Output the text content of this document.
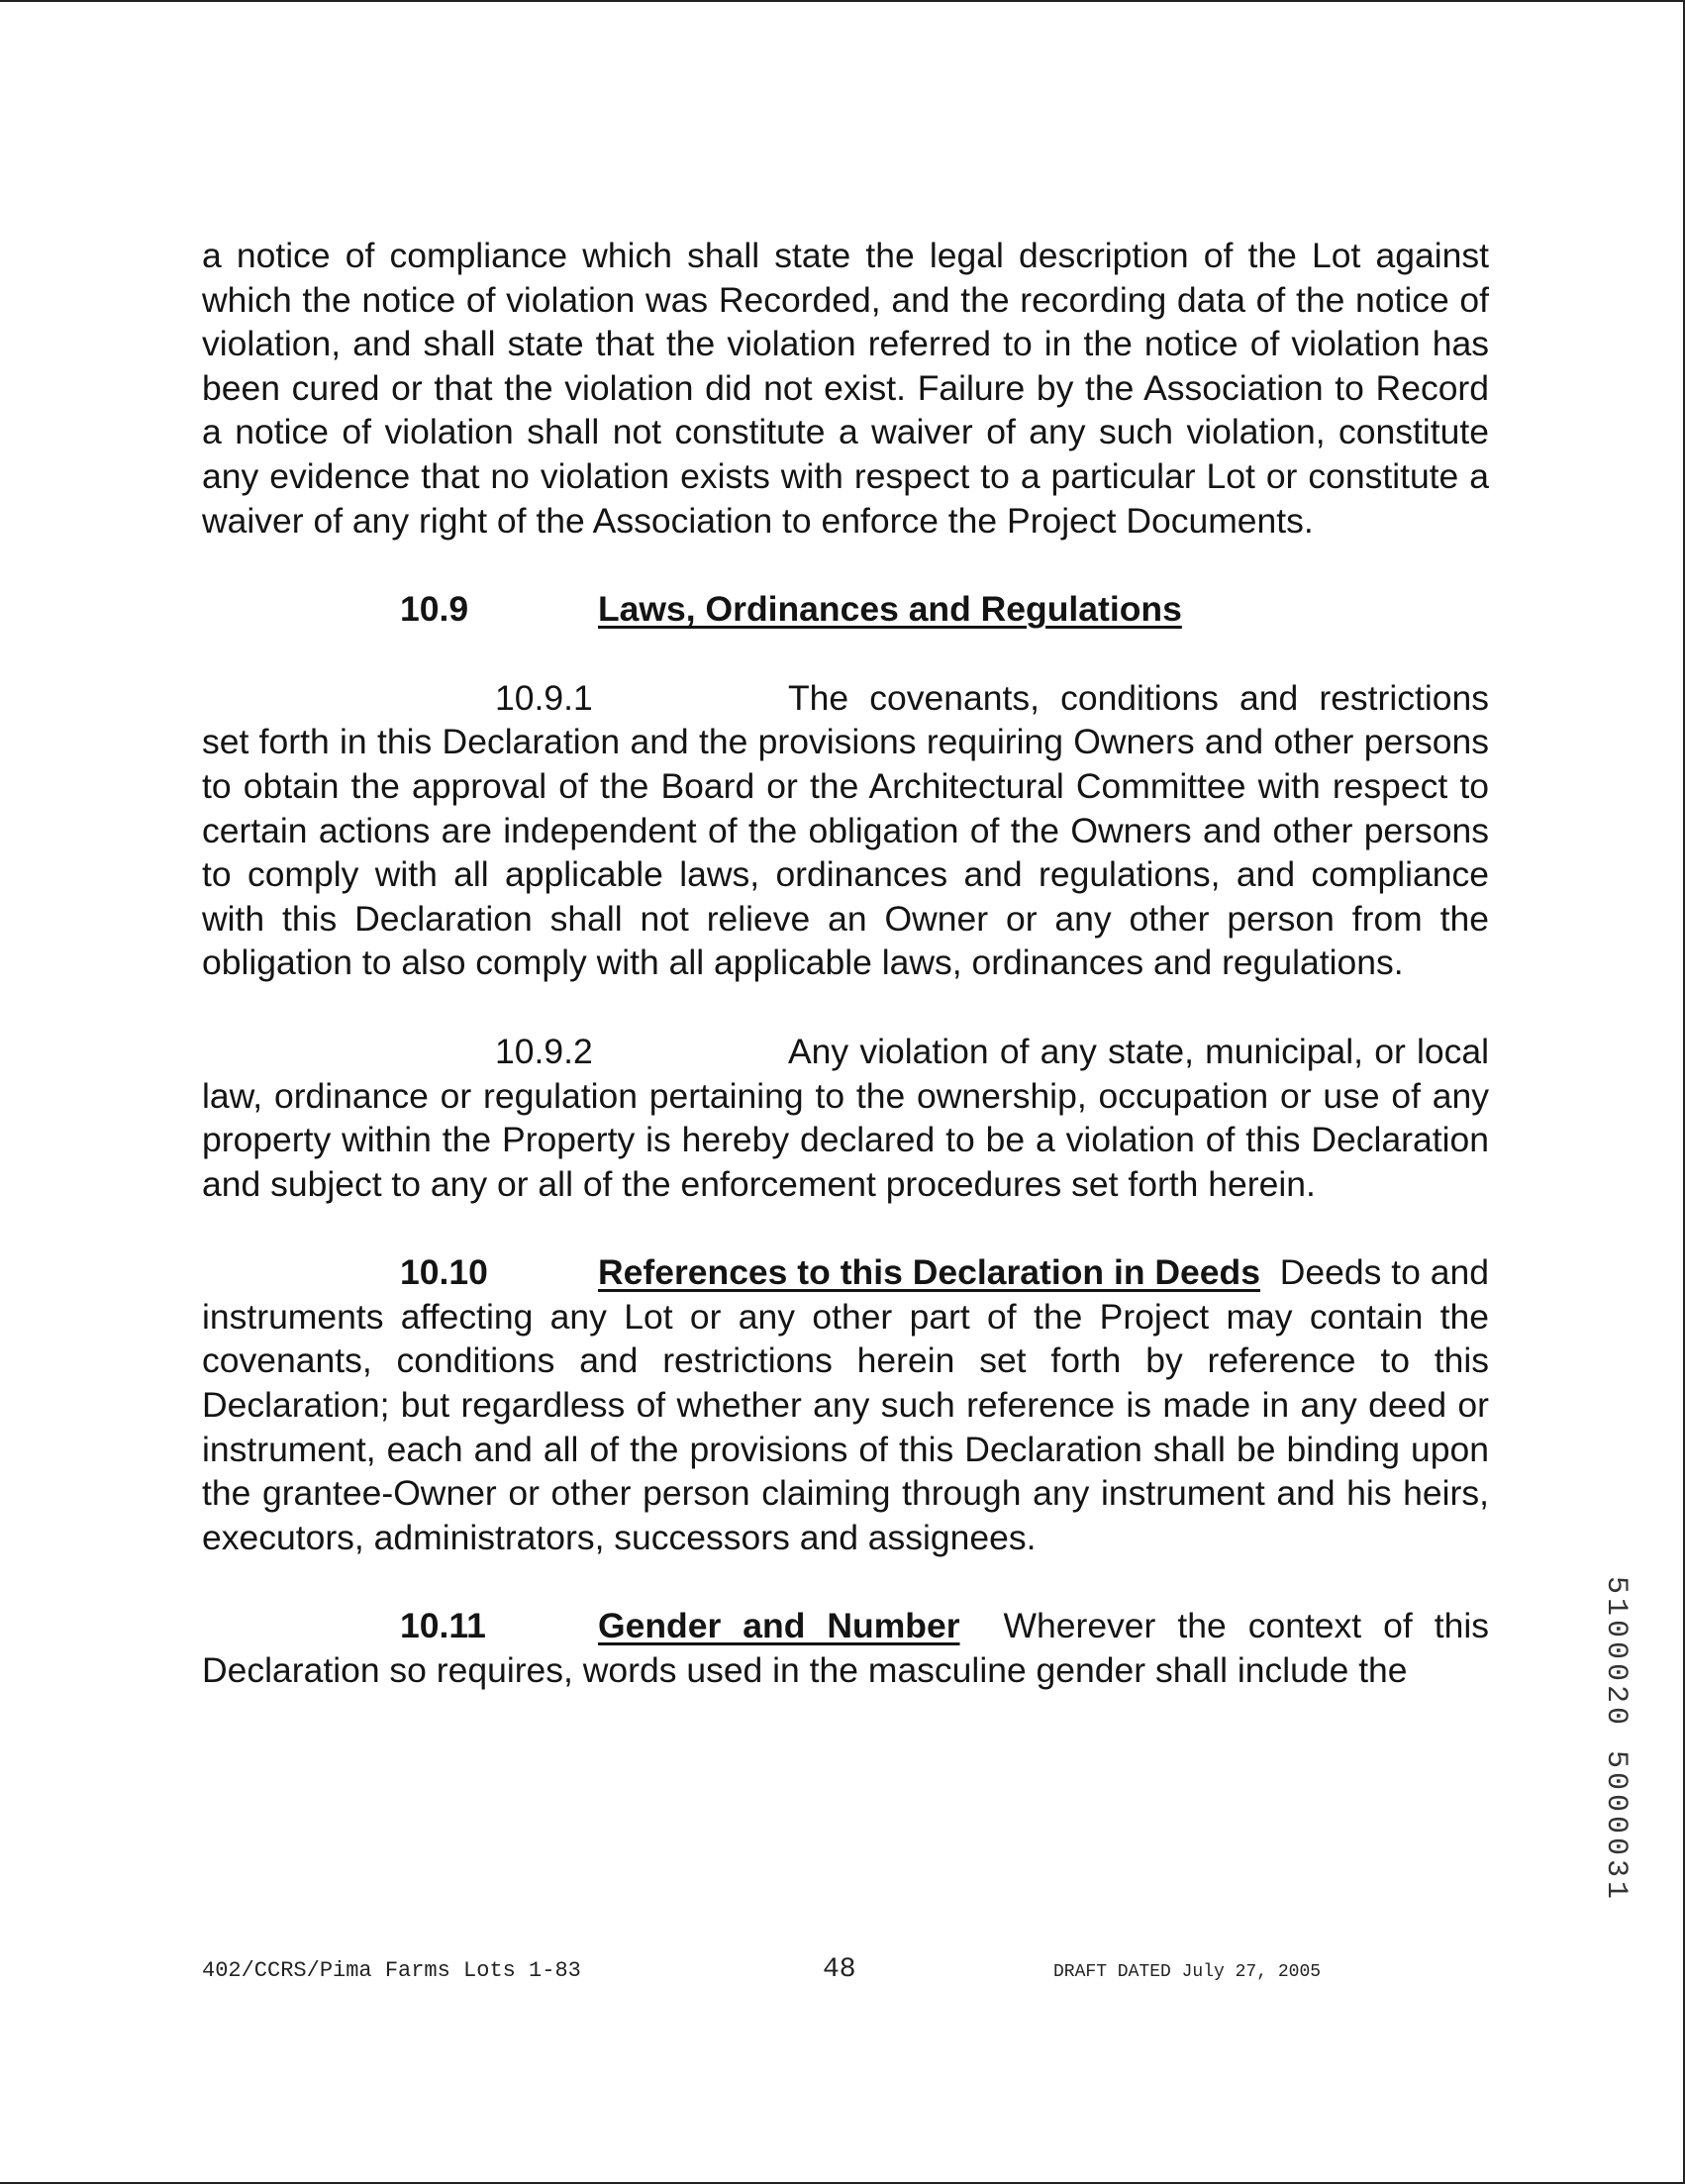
a notice of compliance which shall state the legal description of the Lot against which the notice of violation was Recorded, and the recording data of the notice of violation, and shall state that the violation referred to in the notice of violation has been cured or that the violation did not exist. Failure by the Association to Record a notice of violation shall not constitute a waiver of any such violation, constitute any evidence that no violation exists with respect to a particular Lot or constitute a waiver of any right of the Association to enforce the Project Documents.

10.9	Laws, Ordinances and Regulations

10.9.1	The covenants, conditions and restrictions set forth in this Declaration and the provisions requiring Owners and other persons to obtain the approval of the Board or the Architectural Committee with respect to certain actions are independent of the obligation of the Owners and other persons to comply with all applicable laws, ordinances and regulations, and compliance with this Declaration shall not relieve an Owner or any other person from the obligation to also comply with all applicable laws, ordinances and regulations.

10.9.2	Any violation of any state, municipal, or local law, ordinance or regulation pertaining to the ownership, occupation or use of any property within the Property is hereby declared to be a violation of this Declaration and subject to any or all of the enforcement procedures set forth herein.

10.10	References to this Declaration in Deeds Deeds to and instruments affecting any Lot or any other part of the Project may contain the covenants, conditions and restrictions herein set forth by reference to this Declaration; but regardless of whether any such reference is made in any deed or instrument, each and all of the provisions of this Declaration shall be binding upon the grantee-Owner or other person claiming through any instrument and his heirs, executors, administrators, successors and assignees.

10.11	Gender and Number Wherever the context of this Declaration so requires, words used in the masculine gender shall include the

402/CCRS/Pima Farms Lots 1-83	48	DRAFT DATED July 27, 2005
5100020 5000031
